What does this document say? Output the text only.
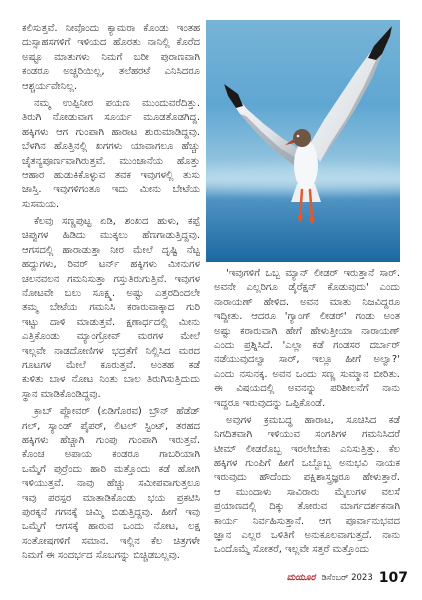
ಕಲಿಸುತ್ತವೆ. ನೀವೊಂದು ಕ್ಯಾಮರಾ ಕೊಂಡು ಇಂತಹ
ದುಸ್ಸಾಹಸಗಳಿಗೆ ಇಳಿಯದ ಹೊರತು ನಾನಿಲ್ಲಿ ಕೊರೆದ
ಅಷ್ಟೂ ಮಾತುಗಳು ನಿಮಗೆ ಬರೀ ಪುರಾಣವಾಗಿ
ಕಂಡರೂ ಅಚ್ಚರಿಯಿಲ್ಲ, ತಲೆಹರಟೆ ಎನಿಸಿದರೂ
ಆಶ್ಚರ್ಯವೇನಿಲ್ಲ.
ನಮ್ಮ ಉಪ್ಪಿನೀರ ಪಯಣ ಮುಂದುವರೆದಿತ್ತು.
ತಿರುಗಿ ನೋಡುವಾಗ ಸೂರ್ಯ ಮೂಡತೊಡಗಿದ್ದ.
ಹಕ್ಕಿಗಳು ಆಗ ಗುಂಪಾಗಿ ಹಾರಾಟ ಶುರುಮಾಡಿದ್ದವು.
ಬೆಳಗಿನ ಹೊತ್ತಿನಲ್ಲಿ ಖಗಗಳು ಯಾವಾಗಲೂ ಹೆಚ್ಚು
ಚೈತನ್ಯಪೂರ್ಣವಾಗಿರುತ್ತವೆ. ಮುಂಜಾನೆಯ ಹೊತ್ತು
ಆಹಾರ ಹುಡುಕಿಕೊಳ್ಳುವ ತವಕ ಇವುಗಳಲ್ಲಿ ತುಸು
ಜಾಸ್ತಿ. ಇವುಗಳಿಗಂತೂ ಇದು ಮೀನು ಬೇಟೆಯ
ಸುಸಮಯ.
ಕೆಲವು ಸಣ್ಣಪುಟ್ಟ ಏಡಿ, ಶಂಖದ ಹುಳು, ಕಪ್ಪೆ
ಚಿಪ್ಪುಗಳ ಹಿಡಿದು ಮುಕ್ಕಲು ಹೆಣಗಾಡುತ್ತಿದ್ದವು.
ಆಗಸದಲ್ಲಿ ಹಾರಾಡುತ್ತಾ ನೀರ ಮೇಲೆ ದೃಷ್ಟಿ ನೆಟ್ಟ
ಹದ್ದುಗಳು, ರಿವರ್ ಟರ್ನ್ ಹಕ್ಕಿಗಳು ಮೀನುಗಳ
ಚಲನವಲನ ಗಮನಿಸುತ್ತಾ ಗಸ್ತುತಿರುಗುತ್ತಿವೆ. ಇವುಗಳ
ನೋಟವೇ ಬಲು ಸೂಕ್ಷ್ಮ. ಅಷ್ಟು ಎತ್ತರದಿಂದಲೇ
ತಮ್ಮ ಬೇಟೆಯ ಗಮನಿಸಿ ಕರಾರುವಾಕ್ಕಾದ ಗುರಿ
ಇಟ್ಟು ದಾಳಿ ಮಾಡುತ್ತವೆ. ಕ್ಷಣಾರ್ಧದಲ್ಲಿ ಮೀನು
ಎತ್ತಿಕೊಂಡು ಮ್ಯಾಂಗ್ರೋವ್ ಮರಗಳ ಮೇಲೆ
ಇಲ್ಲವೇ ನಾಡದೋಣಿಗಳ ಭದ್ರತೆಗೆ ನಿಲ್ಲಿಸಿದ ಮರದ
ಗೂಟಗಳ ಮೇಲೆ ಕೂರುತ್ತವೆ. ಅಂತಹ ಕಡೆ
ಕುಳಿತು ಬಾಳ ನೋಟ ನಿಂತು ಬಾಲ ತಿರುಗಿಸುತ್ತಿದುದು
ಸ್ಥಾನ ಮಾಡಿಕೊಂಡಿದ್ದವು.
ಕ್ರಾಬ್ ಪ್ಲೋವರ್ (ಏಡಿಗೊರವ) ಬ್ರೌನ್ ಹೆಡೆಡ್
ಗಲ್, ಸ್ಯಾಂಡ್ ಪೈಪರ್, ಲಿಟಲ್ ಸ್ಟಿಂಟ್, ತರಹದ
ಹಕ್ಕಿಗಳು ಹೆಚ್ಚಾಗಿ ಗುಂಪು ಗುಂಪಾಗಿ ಇರುತ್ತವೆ.
ಕೊಂಚ ಅಪಾಯ ಕಂಡರೂ ಗಾಬರಿಯಾಗಿ
ಒಮ್ಮೆಗೆ ಪುರ್ರೆಂದು ಹಾರಿ ಮತ್ತೊಂದು ಕಡೆ ಹೋಗಿ
ಇಳಿಯುತ್ತವೆ. ನಾವು ಹೆಚ್ಚು ಸಮೀಪವಾಗುತ್ತಲೂ
ಇವು ಪರಸ್ಪರ ಮಾತಾಡಿಕೊಂಡು ಭಯ ಪ್ರಕಟಿಸಿ
ಪುರಕ್ಕನೆ ಗಗನಕ್ಕೆ ಚಿಮ್ಮಿ ಬಿಡುತ್ತಿದ್ದವು. ಹೀಗೆ ಇವು
ಒಮ್ಮೆಗೆ ಆಗಸಕ್ಕೆ ಹಾರುವ ಒಂದು ನೋಟ, ಲಕ್ಷ
ಸಂತೋಷಗಳಿಗೆ ಸಮಾನ. ಇಲ್ಲಿನ ಕೆಲ ಚಿತ್ರಗಳೇ
ನಿಮಗೆ ಈ ಸಂದರ್ಭದ ಸೊಬಗನ್ನು ಬಿಚ್ಚಿಡಬಲ್ಲವು.
'ಇವುಗಳಿಗೆ ಒಬ್ಬ ಮ್ಯಾನ್ ಲೀಡರ್ ಇರುತ್ತಾನೆ ಸಾರ್.
ಅವನೇ ಎಲ್ಲರಿಗೂ ಡೈರೆಕ್ಷನ್ ಕೊಡುವುದು' ಎಂದು
ನಾರಾಯಣ್ ಹೇಳಿದ. ಅವನ ಮಾತು ನಿಜವಿದ್ದರೂ
ಇದ್ದೀತು. ಆದರೂ 'ಗ್ಯಾಂಗ್ ಲೀಡರ್' ಗಂಡು ಅಂತ
ಅಷ್ಟು ಕರಾರುವಾಗಿ ಹೇಗೆ ಹೇಳುತ್ತೀಯಾ ನಾರಾಯಣ್
ಎಂದು ಪ್ರಶ್ನಿಸಿದೆ. 'ಎಲ್ಲಾ ಕಡೆ ಗಂಡಸರ ದರ್ಬಾರ್
ನಡೆಯುವುದಲ್ವಾ ಸಾರ್, ಇಲ್ಲೂ ಹೀಗೆ ಅಲ್ವಾ?'
ಎಂದು ನಸುನಕ್ಕ. ಅವನ ಒಂದು ಸಣ್ಣ ಸುಮ್ಮಾನ ಬೀರಿತು.
ಈ ವಿಷಯದಲ್ಲಿ ಅವನನ್ನು ಪರಿಶೀಲನೆಗೆ ನಾನು
ಇದ್ದರೂ ಇರುವುದನ್ನು ಒಪ್ಪಿಕೊಂಡೆ.
ಅವುಗಳ ಕ್ರಮಬದ್ಧ ಹಾರಾಟ, ಸೂಚಿಸಿದ ಕಡೆ
ನಿಗದಿತವಾಗಿ ಇಳಿಯುವ ಸಂಗತಿಗಳ ಗಮನಿಸಿದರೆ
ಟೀಮ್ ಲೀಡರೊಬ್ಬ ಇರಲೇಬೇಕು ಎನಿಸುತ್ತಿತ್ತು. ಕೆಲ
ಹಕ್ಕಿಗಳ ಗುಂಪಿಗೆ ಹೀಗೆ ಒಬ್ಬೊಬ್ಬ ಅನುಭವಿ ನಾಯಕ
ಇರುವುದು ಹೌದೆಂದು ಪಕ್ಷಿಶಾಸ್ತ್ರಜ್ಞರೂ ಹೇಳುತ್ತಾರೆ.
ಆ ಮುಂದಾಳು ಸಾವಿರಾರು ಮೈಲುಗಳ ವಲಸೆ
ಪ್ರಯಾಣದಲ್ಲಿ ದಿಕ್ಕು ತೋರುವ ಮಾರ್ಗದರ್ಶಕನಾಗಿ
ಕಾರ್ಯ ನಿರ್ವಹಿಸುತ್ತಾನೆ. ಆಗ ಪೂರ್ವಾನುಭವದ
ಜ್ಞಾನ ಎಲ್ಲರ ಒಳಿತಿಗೆ ಅನುಕೂಲವಾಗುತ್ತದೆ. ನಾನು
ಒಂದೊಮ್ಮೆ ಸೋತರೆ, ಇಲ್ಲವೇ ಸತ್ತರೆ ಮತ್ತೊಂದು
ಮಯೂರ ಡಿಸೆಂಬರ್ 2023 107
